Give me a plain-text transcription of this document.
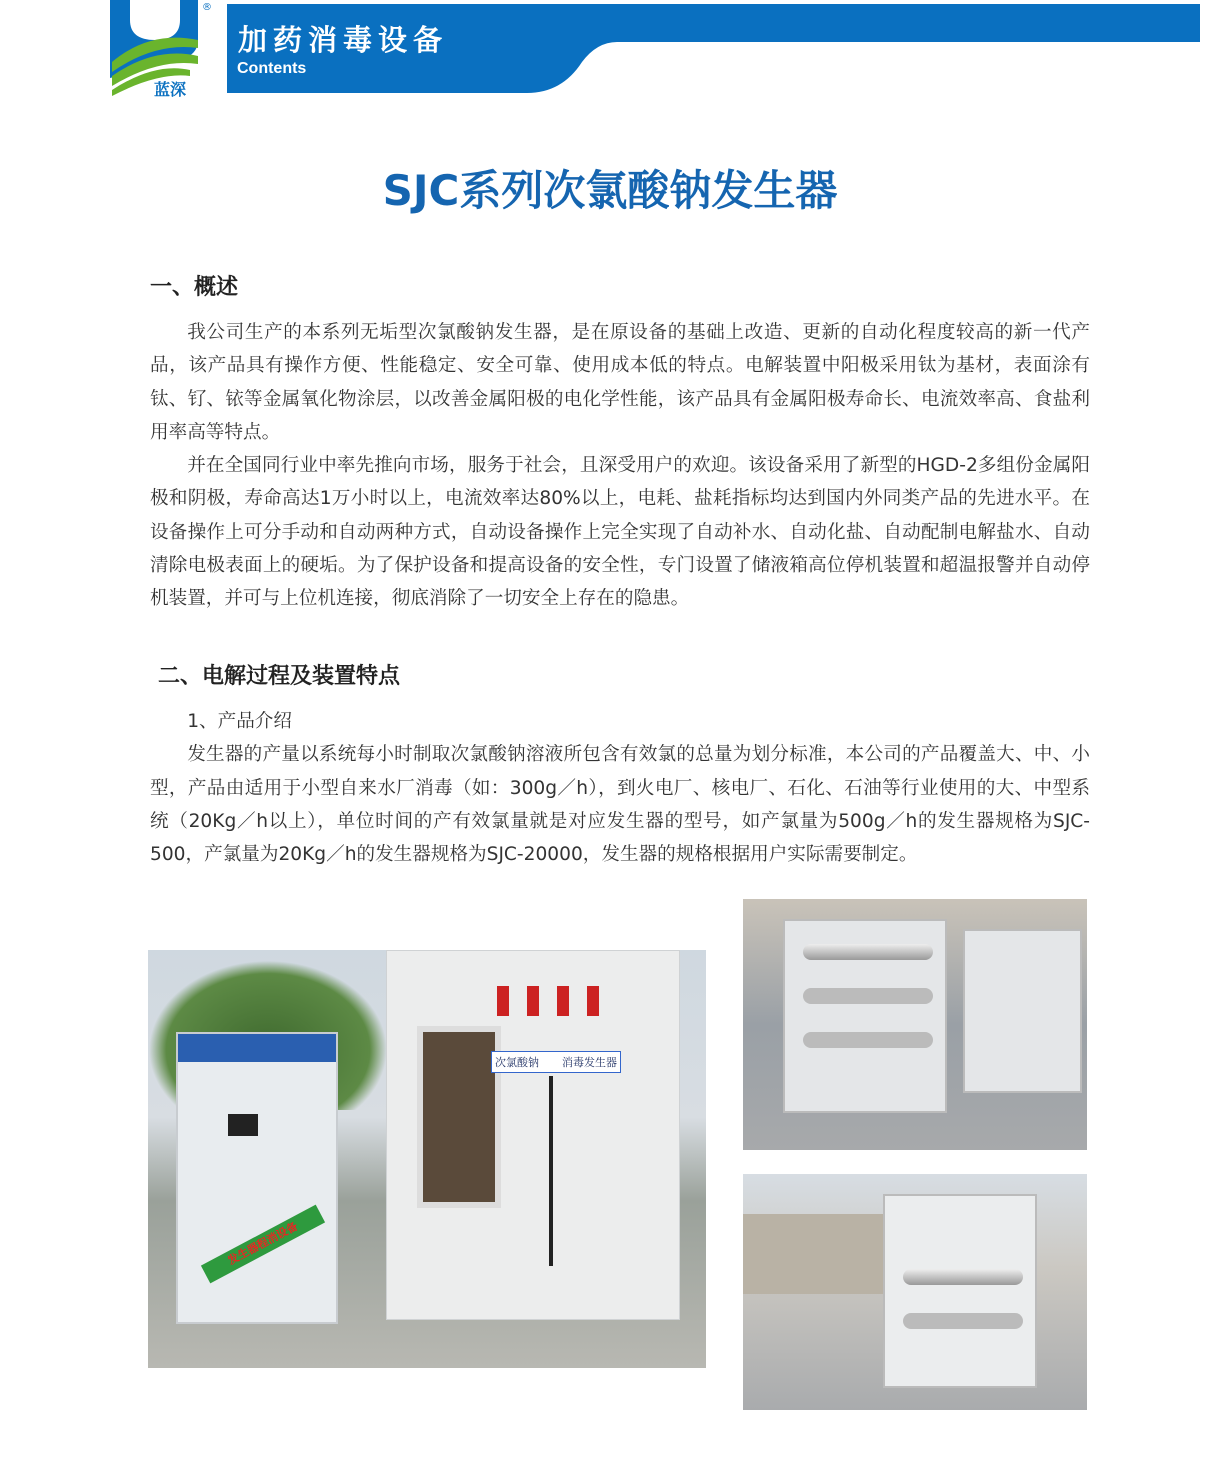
®
蓝深
加药消毒设备
Contents
SJC系列次氯酸钠发生器
一、概述

我公司生产的本系列无垢型次氯酸钠发生器，是在原设备的基础上改造、更新的自动化程度较高的新一代产品，该产品具有操作方便、性能稳定、安全可靠、使用成本低的特点。电解装置中阳极采用钛为基材，表面涂有钛、钌、铱等金属氧化物涂层，以改善金属阳极的电化学性能，该产品具有金属阳极寿命长、电流效率高、食盐利用率高等特点。

并在全国同行业中率先推向市场，服务于社会，且深受用户的欢迎。该设备采用了新型的HGD-2多组份金属阳极和阴极，寿命高达1万小时以上，电流效率达80%以上，电耗、盐耗指标均达到国内外同类产品的先进水平。在设备操作上可分手动和自动两种方式，自动设备操作上完全实现了自动补水、自动化盐、自动配制电解盐水、自动清除电极表面上的硬垢。为了保护设备和提高设备的安全性，专门设置了储液箱高位停机装置和超温报警并自动停机装置，并可与上位机连接，彻底消除了一切安全上存在的隐患。

二、电解过程及装置特点

1、产品介绍

发生器的产量以系统每小时制取次氯酸钠溶液所包含有效氯的总量为划分标准，本公司的产品覆盖大、中、小型，产品由适用于小型自来水厂消毒（如：300g／h），到火电厂、核电厂、石化、石油等行业使用的大、中型系统（20Kg／h以上），单位时间的产有效氯量就是对应发生器的型号，如产氯量为500g／h的发生器规格为SJC-500，产氯量为20Kg／h的发生器规格为SJC-20000，发生器的规格根据用户实际需要制定。

发生器程消设备
次氯酸钠 消毒发生器
